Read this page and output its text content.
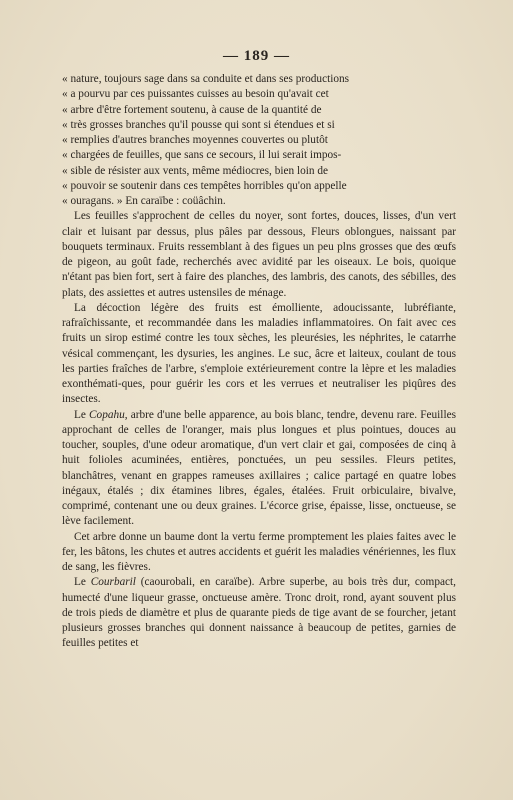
— 189 —

« nature, toujours sage dans sa conduite et dans ses productions
« a pourvu par ces puissantes cuisses au besoin qu'avait cet
« arbre d'être fortement soutenu, à cause de la quantité de
« très grosses branches qu'il pousse qui sont si étendues et si
« remplies d'autres branches moyennes couvertes ou plutôt
« chargées de feuilles, que sans ce secours, il lui serait impos-
« sible de résister aux vents, même médiocres, bien loin de
« pouvoir se soutenir dans ces tempêtes horribles qu'on appelle
« ouragans. » En caraïbe : coüâchin.

Les feuilles s'approchent de celles du noyer, sont fortes, douces, lisses, d'un vert clair et luisant par dessus, plus pâles par dessous, Fleurs oblongues, naissant par bouquets terminaux. Fruits ressemblant à des figues un peu plns grosses que des œufs de pigeon, au goût fade, recherchés avec avidité par les oiseaux. Le bois, quoique n'étant pas bien fort, sert à faire des planches, des lambris, des canots, des sébilles, des plats, des assiettes et autres ustensiles de ménage.

La décoction légère des fruits est émolliente, adoucissante, lubréfiante, rafraîchissante, et recommandée dans les maladies inflammatoires. On fait avec ces fruits un sirop estimé contre les toux sèches, les pleurésies, les néphrites, le catarrhe vésical commençant, les dysuries, les angines. Le suc, âcre et laiteux, coulant de tous les parties fraîches de l'arbre, s'emploie extérieurement contre la lèpre et les maladies exonthémati-ques, pour guérir les cors et les verrues et neutraliser les piqûres des insectes.

Le Copahu, arbre d'une belle apparence, au bois blanc, tendre, devenu rare. Feuilles approchant de celles de l'oranger, mais plus longues et plus pointues, douces au toucher, souples, d'une odeur aromatique, d'un vert clair et gai, composées de cinq à huit folioles acuminées, entières, ponctuées, un peu sessiles. Fleurs petites, blanchâtres, venant en grappes rameuses axillaires ; calice partagé en quatre lobes inégaux, étalés ; dix étamines libres, égales, étalées. Fruit orbiculaire, bivalve, comprimé, contenant une ou deux graines. L'écorce grise, épaisse, lisse, onctueuse, se lève facilement.

Cet arbre donne un baume dont la vertu ferme promptement les plaies faites avec le fer, les bâtons, les chutes et autres accidents et guérit les maladies vénériennes, les flux de sang, les fièvres.

Le Courbaril (caourobali, en caraïbe). Arbre superbe, au bois très dur, compact, humecté d'une liqueur grasse, onctueuse amère. Tronc droit, rond, ayant souvent plus de trois pieds de diamètre et plus de quarante pieds de tige avant de se fourcher, jetant plusieurs grosses branches qui donnent naissance à beaucoup de petites, garnies de feuilles petites et
